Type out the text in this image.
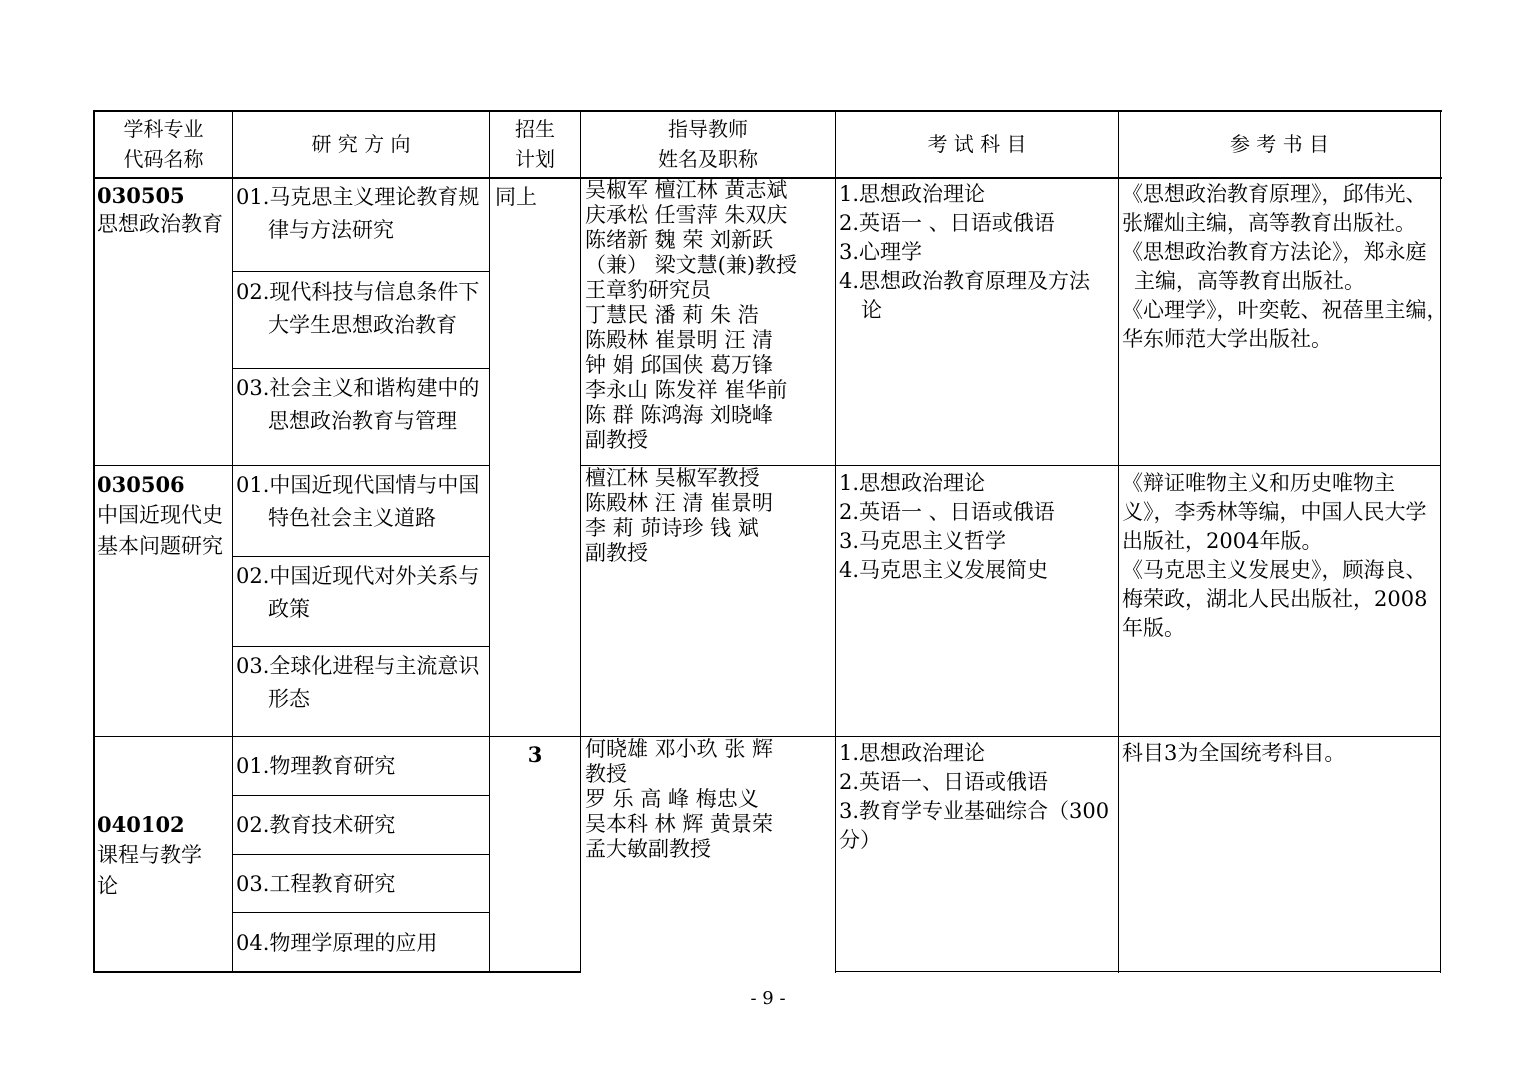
学科专业
代码名称
研 究 方 向
招生
计划
指导教师
姓名及职称
考 试 科 目	参 考 书 目
030505
思想政治教育
01.马克思主义理论教育规
律与方法研究
02.现代科技与信息条件下
大学生思想政治教育
03.社会主义和谐构建中的
思想政治教育与管理
同上 吴椒军 檀江林 黄志斌
庆承松 任雪萍 朱双庆
陈绪新 魏 荣 刘新跃
（兼） 梁文慧(兼)教授
王章豹研究员
丁慧民 潘 莉 朱 浩
陈殿林 崔景明 汪 清
钟 娟 邱国侠 葛万锋
李永山 陈发祥 崔华前
陈 群 陈鸿海 刘晓峰
副教授
1.思想政治理论
2.英语一 、日语或俄语
3.心理学
4.思想政治教育原理及方法
论
《思想政治教育原理》，邱伟光、
张耀灿主编，高等教育出版社。
《思想政治教育方法论》，郑永庭
主编，高等教育出版社。
《心理学》，叶奕乾、祝蓓里主编，
华东师范大学出版社。
030506
中国近现代史
基本问题研究
01.中国近现代国情与中国
特色社会主义道路
02.中国近现代对外关系与
政策
03.全球化进程与主流意识
形态
檀江林 吴椒军教授
陈殿林 汪 清 崔景明
李 莉 茆诗珍 钱 斌
副教授
1.思想政治理论
2.英语一 、日语或俄语
3.马克思主义哲学
4.马克思主义发展简史
《辩证唯物主义和历史唯物主
义》，李秀林等编，中国人民大学
出版社，2004年版。
《马克思主义发展史》，顾海良、
梅荣政，湖北人民出版社，2008
年版。
040102
课程与教学
论
01.物理教育研究
02.教育技术研究
03.工程教育研究
04.物理学原理的应用
3	何晓雄 邓小玖 张 辉
教授
罗 乐 高 峰 梅忠义
吴本科 林 辉 黄景荣
孟大敏副教授
1.思想政治理论
2.英语一、日语或俄语
3.教育学专业基础综合（300
分）
科目3为全国统考科目。
- 9 -
